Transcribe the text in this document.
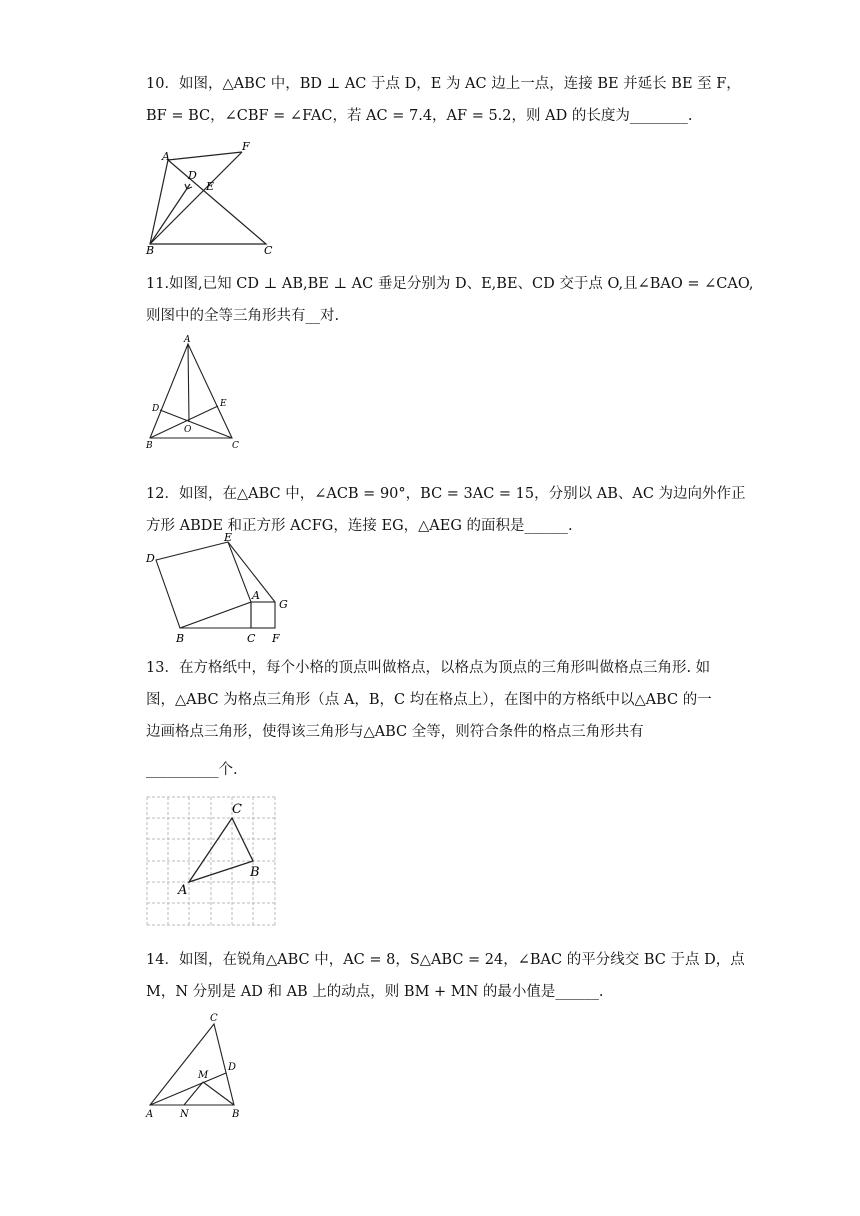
10．如图，△ABC 中，BD ⊥ AC 于点 D，E 为 AC 边上一点，连接 BE 并延长 BE 至 F，
BF = BC，∠CBF = ∠FAC，若 AC = 7.4，AF = 5.2，则 AD 的长度为________.
A
F
D
E
B	C
11.如图,已知 CD ⊥ AB,BE ⊥ AC 垂足分别为 D、E,BE、CD 交于点 O,且∠BAO = ∠CAO,
则图中的全等三角形共有__对.
A
D	E
O
B	C
12．如图，在△ABC 中，∠ACB = 90°，BC = 3AC = 15，分别以 AB、AC 为边向外作正
方形 ABDE 和正方形 ACFG，连接 EG，△AEG 的面积是______.
E
D
A
G
B	C F
13．在方格纸中，每个小格的顶点叫做格点，以格点为顶点的三角形叫做格点三角形. 如
图，△ABC 为格点三角形（点 A，B，C 均在格点上），在图中的方格纸中以△ABC 的一
边画格点三角形，使得该三角形与△ABC 全等，则符合条件的格点三角形共有
__________个.
C
B
A
14．如图，在锐角△ABC 中，AC = 8，S△ABC = 24，∠BAC 的平分线交 BC 于点 D，点
M，N 分别是 AD 和 AB 上的动点，则 BM + MN 的最小值是______.
C
D
M
A	N	B
